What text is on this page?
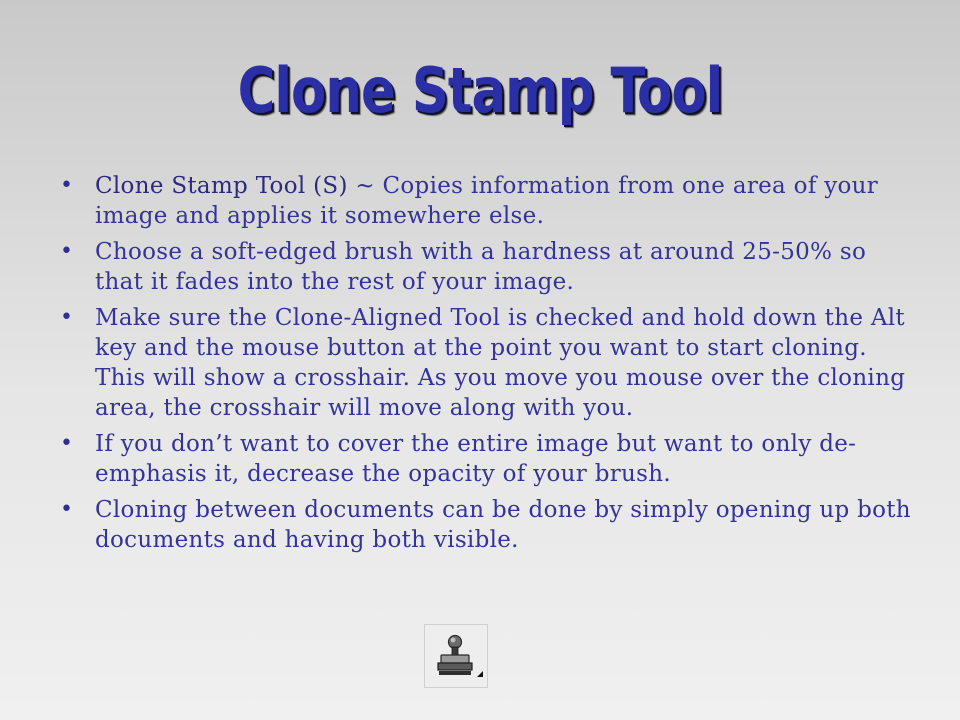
Clone Stamp Tool
• Clone Stamp Tool (S) ~ Copies information from one area of your image and applies it somewhere else.
• Choose a soft-edged brush with a hardness at around 25-50% so that it fades into the rest of your image.
• Make sure the Clone-Aligned Tool is checked and hold down the Alt key and the mouse button at the point you want to start cloning. This will show a crosshair. As you move you mouse over the cloning area, the crosshair will move along with you.
• If you don’t want to cover the entire image but want to only de-emphasis it, decrease the opacity of your brush.
• Cloning between documents can be done by simply opening up both documents and having both visible.
